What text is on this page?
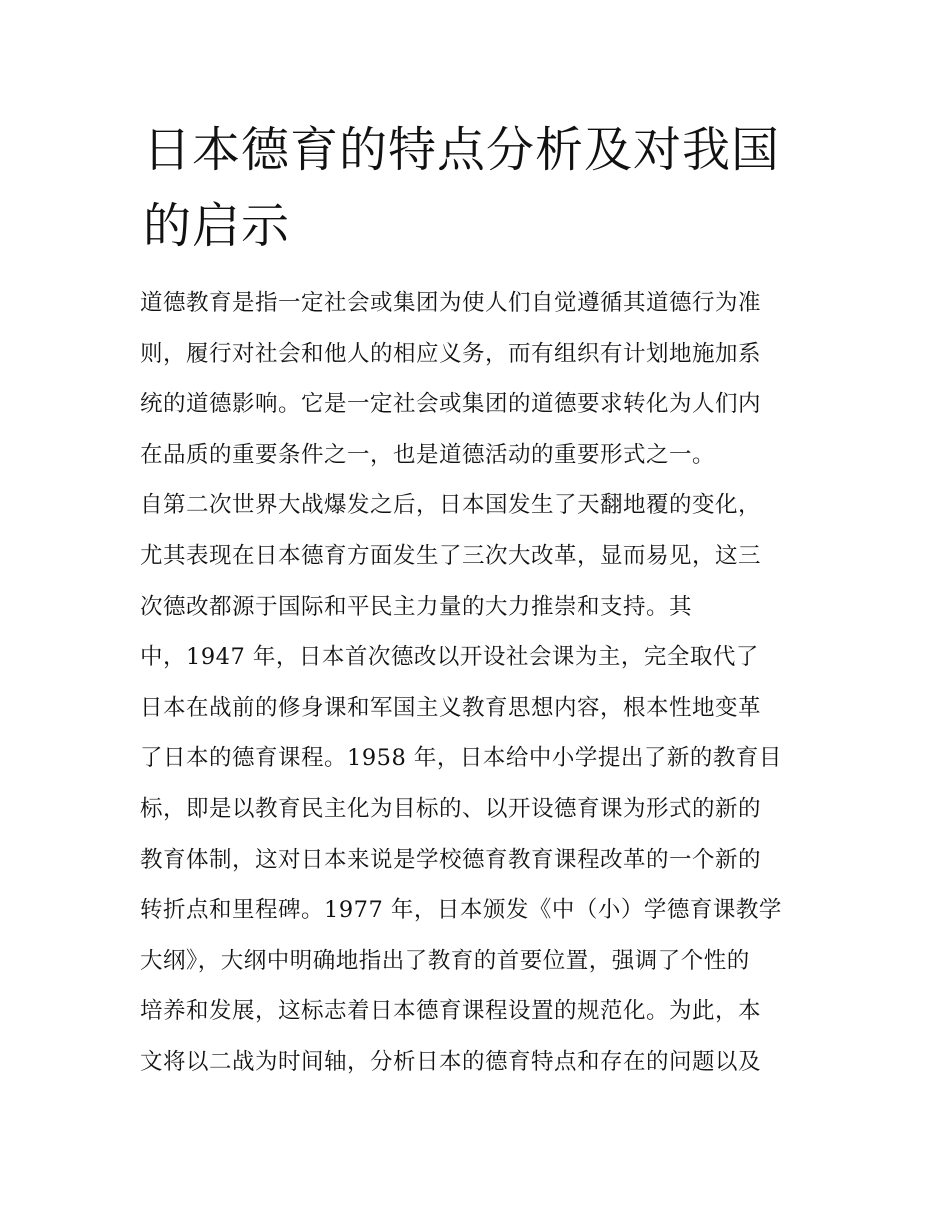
日本德育的特点分析及对我国
的启示
道德教育是指一定社会或集团为使人们自觉遵循其道德行为准
则，履行对社会和他人的相应义务，而有组织有计划地施加系
统的道德影响。它是一定社会或集团的道德要求转化为人们内
在品质的重要条件之一，也是道德活动的重要形式之一。
自第二次世界大战爆发之后，日本国发生了天翻地覆的变化，
尤其表现在日本德育方面发生了三次大改革，显而易见，这三
次德改都源于国际和平民主力量的大力推崇和支持。其
中，1947 年，日本首次德改以开设社会课为主，完全取代了
日本在战前的修身课和军国主义教育思想内容，根本性地变革
了日本的德育课程。1958 年，日本给中小学提出了新的教育目
标，即是以教育民主化为目标的、以开设德育课为形式的新的
教育体制，这对日本来说是学校德育教育课程改革的一个新的
转折点和里程碑。1977 年，日本颁发《中（小）学德育课教学
大纲》，大纲中明确地指出了教育的首要位置，强调了个性的
培养和发展，这标志着日本德育课程设置的规范化。为此，本
文将以二战为时间轴，分析日本的德育特点和存在的问题以及
